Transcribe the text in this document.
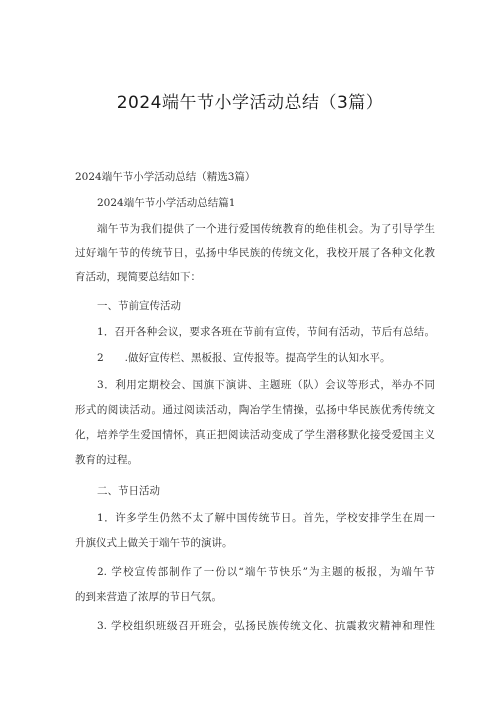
2024端午节小学活动总结（3篇）
2024端午节小学活动总结（精选3篇）
2024端午节小学活动总结篇1
端午节为我们提供了一个进行爱国传统教育的绝佳机会。为了引导学生
过好端午节的传统节日，弘扬中华民族的传统文化，我校开展了各种文化教
育活动，现简要总结如下：
一、节前宣传活动
1．召开各种会议，要求各班在节前有宣传，节间有活动，节后有总结。
2　　.做好宣传栏、黑板报、宣传报等。提高学生的认知水平。
3．利用定期校会、国旗下演讲、主题班（队）会议等形式，举办不同
形式的阅读活动。通过阅读活动，陶冶学生情操，弘扬中华民族优秀传统文
化，培养学生爱国情怀，真正把阅读活动变成了学生潜移默化接受爱国主义
教育的过程。
二、节日活动
1．许多学生仍然不太了解中国传统节日。首先，学校安排学生在周一
升旗仪式上做关于端午节的演讲。
2. 学校宣传部制作了一份以“端午节快乐”为主题的板报，为端午节
的到来营造了浓厚的节日气氛。
3. 学校组织班级召开班会，弘扬民族传统文化、抗震救灾精神和理性
